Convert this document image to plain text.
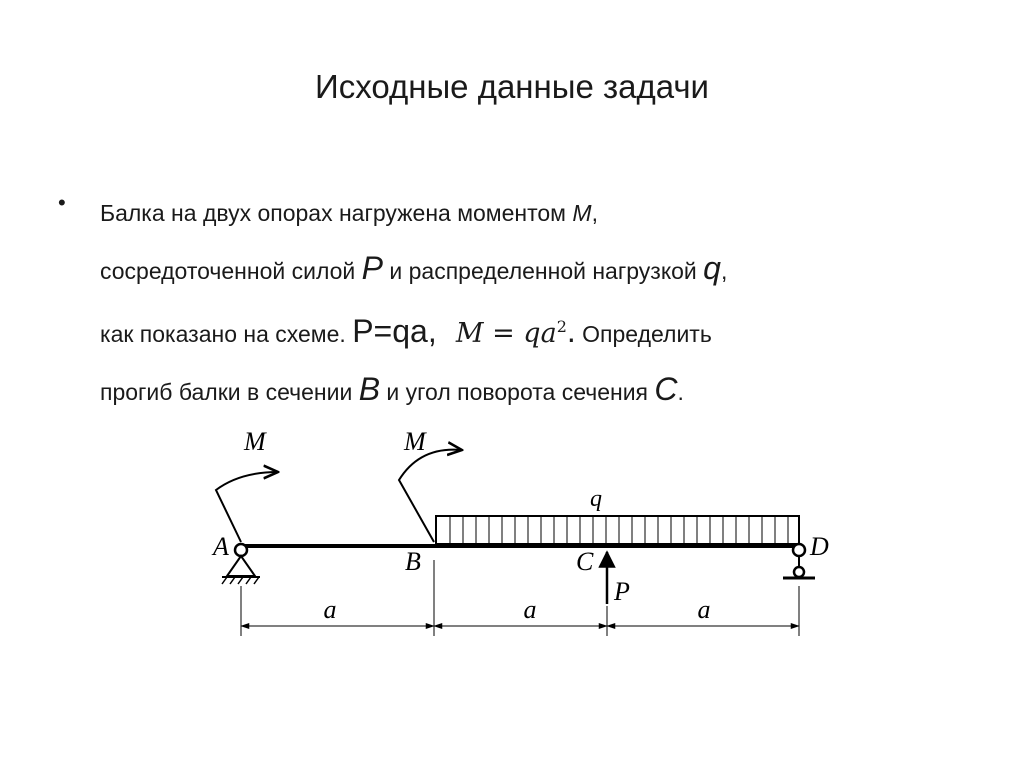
Исходные данные задачи
• Балка на двух опорах нагружена моментом M,
сосредоточенной силой P и распределенной нагрузкой q,
как показано на схеме. P=qa, $M = qa^2$. Определить
прогиб балки в сечении B и угол поворота сечения C.
q
A
B	C
D
M	M
P
a	a	a
